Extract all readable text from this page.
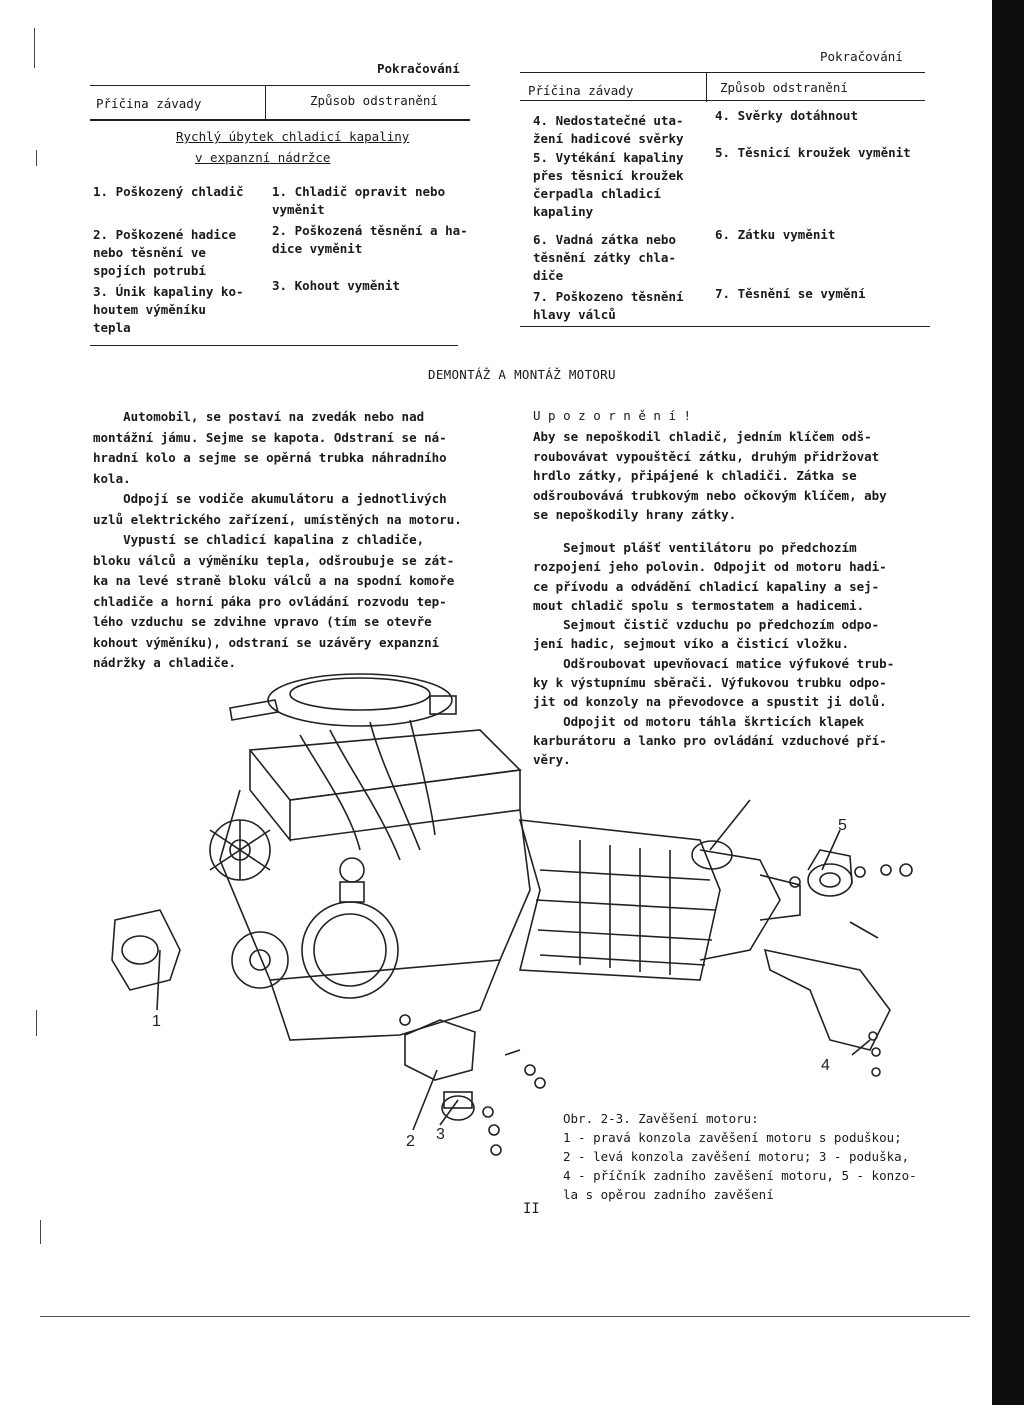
Pokračování
Příčina závady	Způsob odstranění
Rychlý úbytek chladicí kapaliny
v expanzní nádržce
1. Poškozený chladič 1. Chladič opravit nebo
vyměnit
2. Poškozené hadice
nebo těsnění ve
spojích potrubí
2. Poškozená těsnění a ha-
dice vyměnit
3. Únik kapaliny ko-
houtem výměníku
tepla
3. Kohout vyměnit
Pokračování
Příčina závady	Způsob odstranění
4. Nedostatečné uta-
žení hadicové svěrky
4. Svěrky dotáhnout
5. Vytékání kapaliny
přes těsnicí kroužek
čerpadla chladicí
kapaliny
5. Těsnicí kroužek vyměnit
6. Vadná zátka nebo
těsnění zátky chla-
diče
6. Zátku vyměnit
7. Poškozeno těsnění
hlavy válců
7. Těsnění se vymění
DEMONTÁŽ A MONTÁŽ MOTORU
Automobil, se postaví na zvedák nebo nad
montážní jámu. Sejme se kapota. Odstraní se ná-
hradní kolo a sejme se opěrná trubka náhradního
kola.
Odpojí se vodiče akumulátoru a jednotlivých
uzlů elektrického zařízení, umístěných na motoru.
Vypustí se chladicí kapalina z chladiče,
bloku válců a výměníku tepla, odšroubuje se zát-
ka na levé straně bloku válců a na spodní komoře
chladiče a horní páka pro ovládání rozvodu tep-
lého vzduchu se zdvihne vpravo (tím se otevře
kohout výměníku), odstraní se uzávěry expanzní
nádržky a chladiče.
U p o z o r n ě n í !
Aby se nepoškodil chladič, jedním klíčem odš-
roubovávat vypouštěcí zátku, druhým přidržovat
hrdlo zátky, připájené k chladiči. Zátka se
odšroubovává trubkovým nebo očkovým klíčem, aby
se nepoškodily hrany zátky.
Sejmout plášť ventilátoru po předchozím
rozpojení jeho polovin. Odpojit od motoru hadi-
ce přívodu a odvádění chladicí kapaliny a sej-
mout chladič spolu s termostatem a hadicemi.
Sejmout čistič vzduchu po předchozím odpo-
jení hadic, sejmout víko a čisticí vložku.
Odšroubovat upevňovací matice výfukové trub-
ky k výstupnímu sběrači. Výfukovou trubku odpo-
jit od konzoly na převodovce a spustit ji dolů.
Odpojit od motoru táhla škrticích klapek
karburátoru a lanko pro ovládání vzduchové pří-
věry.
1
2 3
4
5
Obr. 2-3. Zavěšení motoru:
1 - pravá konzola zavěšení motoru s poduškou;
2 - levá konzola zavěšení motoru; 3 - poduška,
4 - příčník zadního zavěšení motoru, 5 - konzo-
la s opěrou zadního zavěšení
II
